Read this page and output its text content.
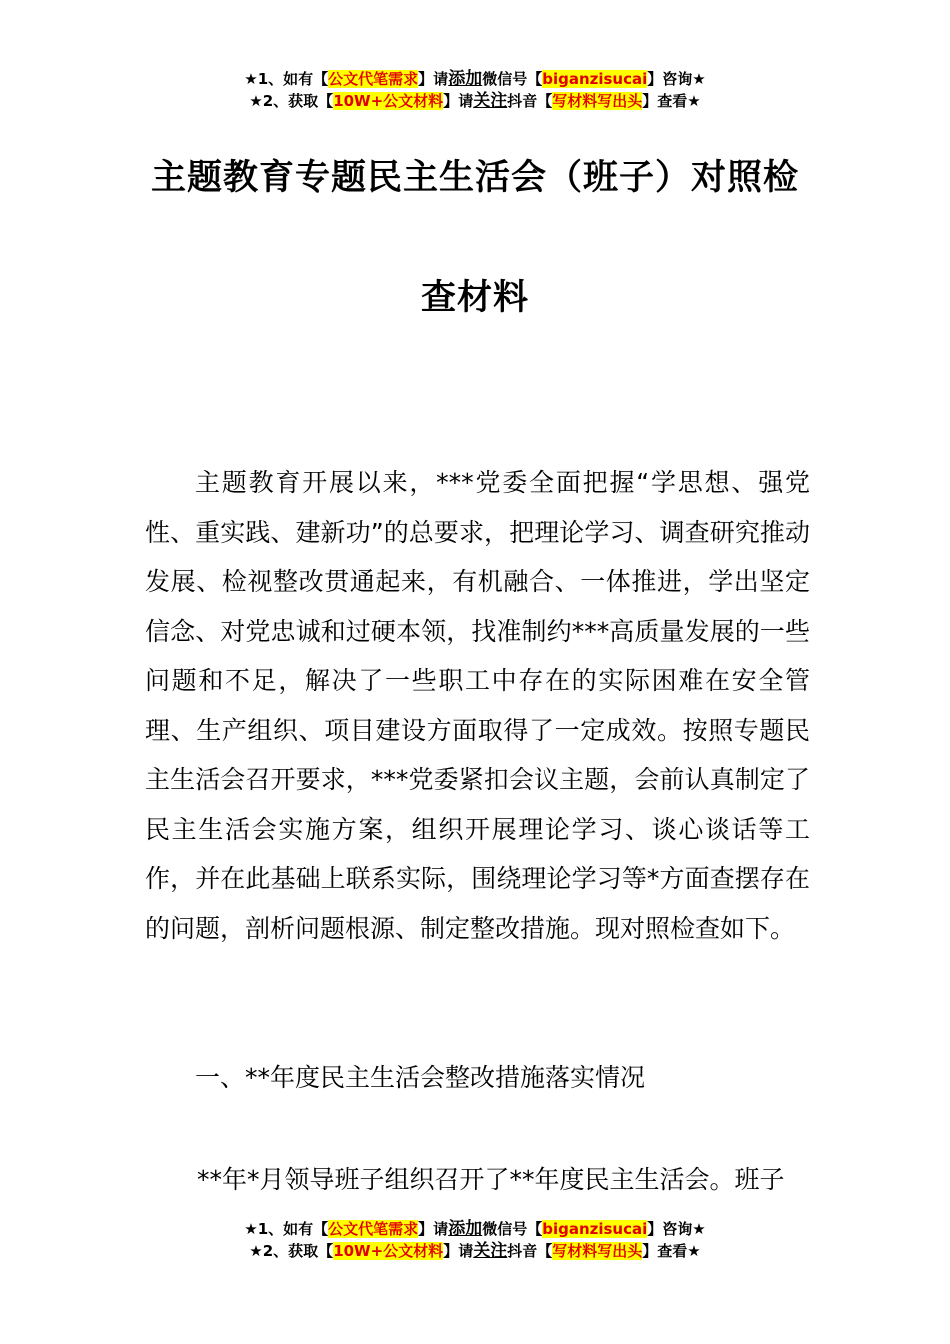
★1、如有【公文代笔需求】请添加微信号【biganzisucai】咨询★
★2、获取【10W+公文材料】请关注抖音【写材料写出头】查看★
主题教育专题民主生活会（班子）对照检
查材料
主题教育开展以来，***党委全面把握“学思想、强党性、重实践、建新功”的总要求，把理论学习、调查研究推动发展、检视整改贯通起来，有机融合、一体推进，学出坚定信念、对党忠诚和过硬本领，找准制约***高质量发展的一些问题和不足，解决了一些职工中存在的实际困难在安全管理、生产组织、项目建设方面取得了一定成效。按照专题民主生活会召开要求，***党委紧扣会议主题，会前认真制定了民主生活会实施方案，组织开展理论学习、谈心谈话等工作，并在此基础上联系实际，围绕理论学习等*方面查摆存在的问题，剖析问题根源、制定整改措施。现对照检查如下。
一、**年度民主生活会整改措施落实情况
**年*月领导班子组织召开了**年度民主生活会。班子
★1、如有【公文代笔需求】请添加微信号【biganzisucai】咨询★
★2、获取【10W+公文材料】请关注抖音【写材料写出头】查看★
